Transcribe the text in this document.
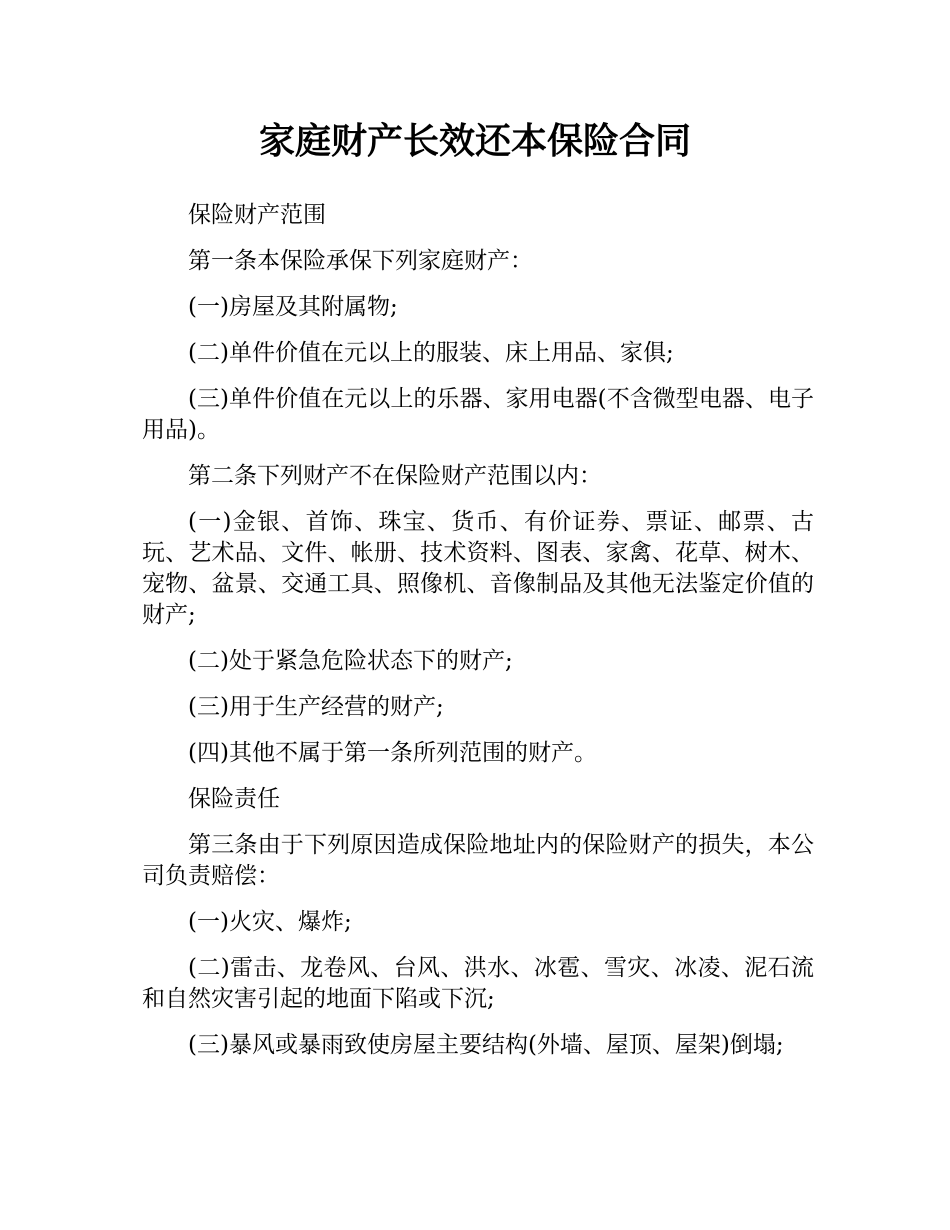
家庭财产长效还本保险合同

保险财产范围

第一条本保险承保下列家庭财产：

(一)房屋及其附属物;

(二)单件价值在元以上的服装、床上用品、家俱;

(三)单件价值在元以上的乐器、家用电器(不含微型电器、电子用品)。

第二条下列财产不在保险财产范围以内：

(一)金银、首饰、珠宝、货币、有价证券、票证、邮票、古玩、艺术品、文件、帐册、技术资料、图表、家禽、花草、树木、宠物、盆景、交通工具、照像机、音像制品及其他无法鉴定价值的财产;

(二)处于紧急危险状态下的财产;

(三)用于生产经营的财产;

(四)其他不属于第一条所列范围的财产。

保险责任

第三条由于下列原因造成保险地址内的保险财产的损失，本公司负责赔偿：

(一)火灾、爆炸;

(二)雷击、龙卷风、台风、洪水、冰雹、雪灾、冰凌、泥石流和自然灾害引起的地面下陷或下沉;

(三)暴风或暴雨致使房屋主要结构(外墙、屋顶、屋架)倒塌;
